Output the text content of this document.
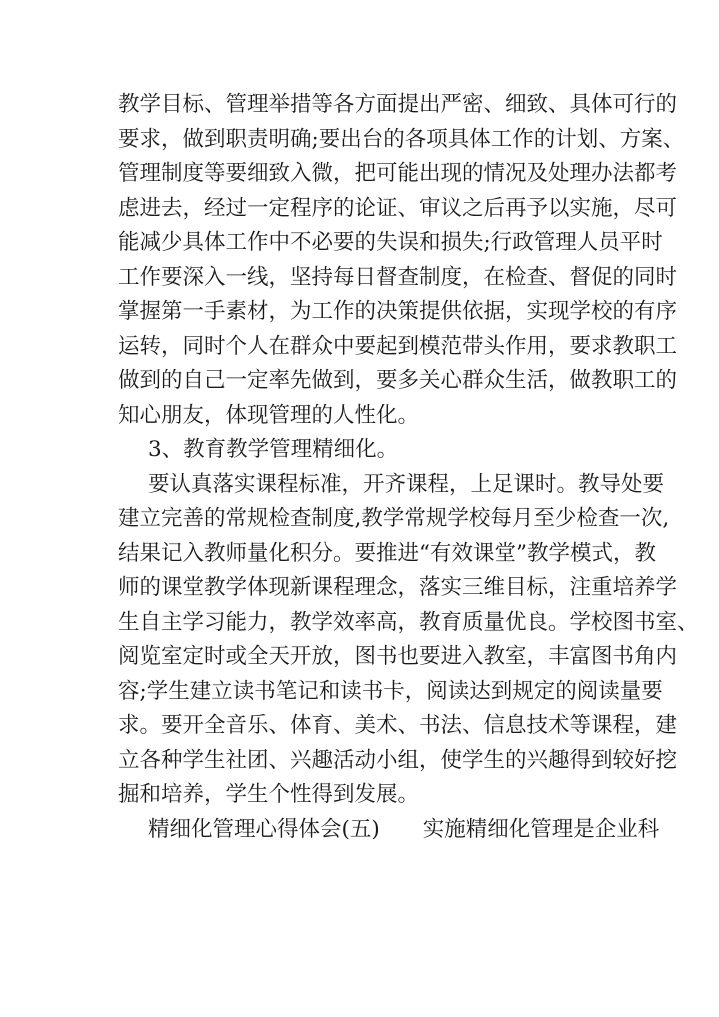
教学目标、管理举措等各方面提出严密、细致、具体可行的
要求，做到职责明确;要出台的各项具体工作的计划、方案、
管理制度等要细致入微，把可能出现的情况及处理办法都考
虑进去，经过一定程序的论证、审议之后再予以实施，尽可
能减少具体工作中不必要的失误和损失;行政管理人员平时
工作要深入一线，坚持每日督查制度，在检查、督促的同时
掌握第一手素材，为工作的决策提供依据，实现学校的有序
运转，同时个人在群众中要起到模范带头作用，要求教职工
做到的自己一定率先做到，要多关心群众生活，做教职工的
知心朋友，体现管理的人性化。
3、教育教学管理精细化。
要认真落实课程标准，开齐课程，上足课时。教导处要
建立完善的常规检查制度,教学常规学校每月至少检查一次,
结果记入教师量化积分。要推进“有效课堂”教学模式，教
师的课堂教学体现新课程理念，落实三维目标，注重培养学
生自主学习能力，教学效率高，教育质量优良。学校图书室、
阅览室定时或全天开放，图书也要进入教室，丰富图书角内
容;学生建立读书笔记和读书卡，阅读达到规定的阅读量要
求。要开全音乐、体育、美术、书法、信息技术等课程，建
立各种学生社团、兴趣活动小组，使学生的兴趣得到较好挖
掘和培养，学生个性得到发展。
精细化管理心得体会(五)　　实施精细化管理是企业科
